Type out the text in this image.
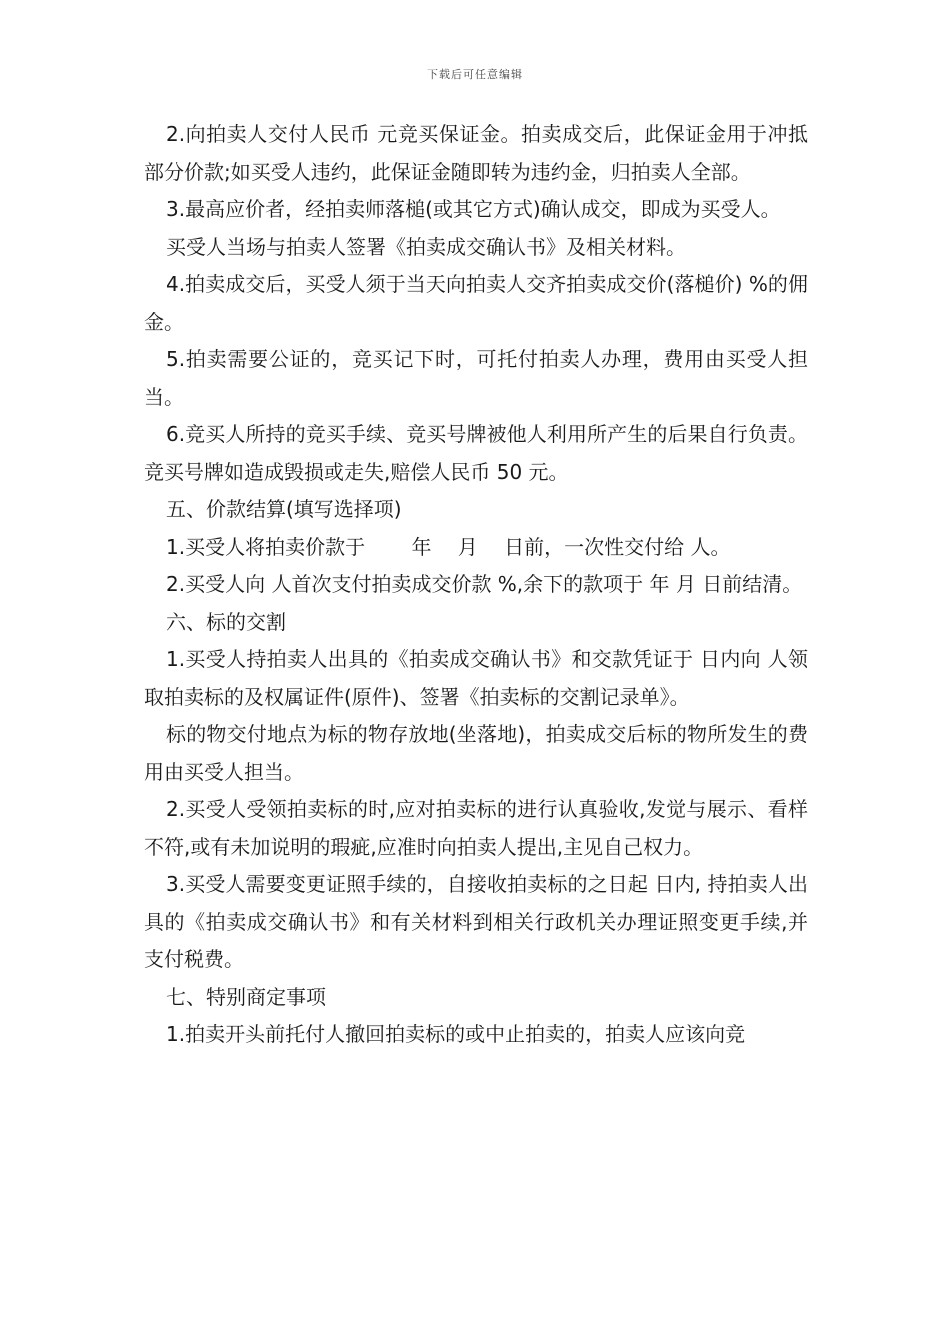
下载后可任意编辑

2.向拍卖人交付人民币 元竞买保证金。拍卖成交后，此保证金用于冲抵部分价款;如买受人违约，此保证金随即转为违约金，归拍卖人全部。

3.最高应价者，经拍卖师落槌(或其它方式)确认成交，即成为买受人。

买受人当场与拍卖人签署《拍卖成交确认书》及相关材料。

4.拍卖成交后，买受人须于当天向拍卖人交齐拍卖成交价(落槌价) %的佣金。

5.拍卖需要公证的，竞买记下时，可托付拍卖人办理，费用由买受人担当。

6.竞买人所持的竞买手续、竞买号牌被他人利用所产生的后果自行负责。竞买号牌如造成毁损或走失,赔偿人民币 50 元。

五、价款结算(填写选择项)

1.买受人将拍卖价款于　　 年　 月　 日前，一次性交付给 人。

2.买受人向 人首次支付拍卖成交价款 %,余下的款项于 年 月 日前结清。

六、标的交割

1.买受人持拍卖人出具的《拍卖成交确认书》和交款凭证于 日内向 人领取拍卖标的及权属证件(原件)、签署《拍卖标的交割记录单》。

标的物交付地点为标的物存放地(坐落地)，拍卖成交后标的物所发生的费用由买受人担当。

2.买受人受领拍卖标的时,应对拍卖标的进行认真验收,发觉与展示、看样不符,或有未加说明的瑕疵,应准时向拍卖人提出,主见自己权力。

3.买受人需要变更证照手续的，自接收拍卖标的之日起 日内, 持拍卖人出具的《拍卖成交确认书》和有关材料到相关行政机关办理证照变更手续,并支付税费。

七、特别商定事项

1.拍卖开头前托付人撤回拍卖标的或中止拍卖的，拍卖人应该向竞
